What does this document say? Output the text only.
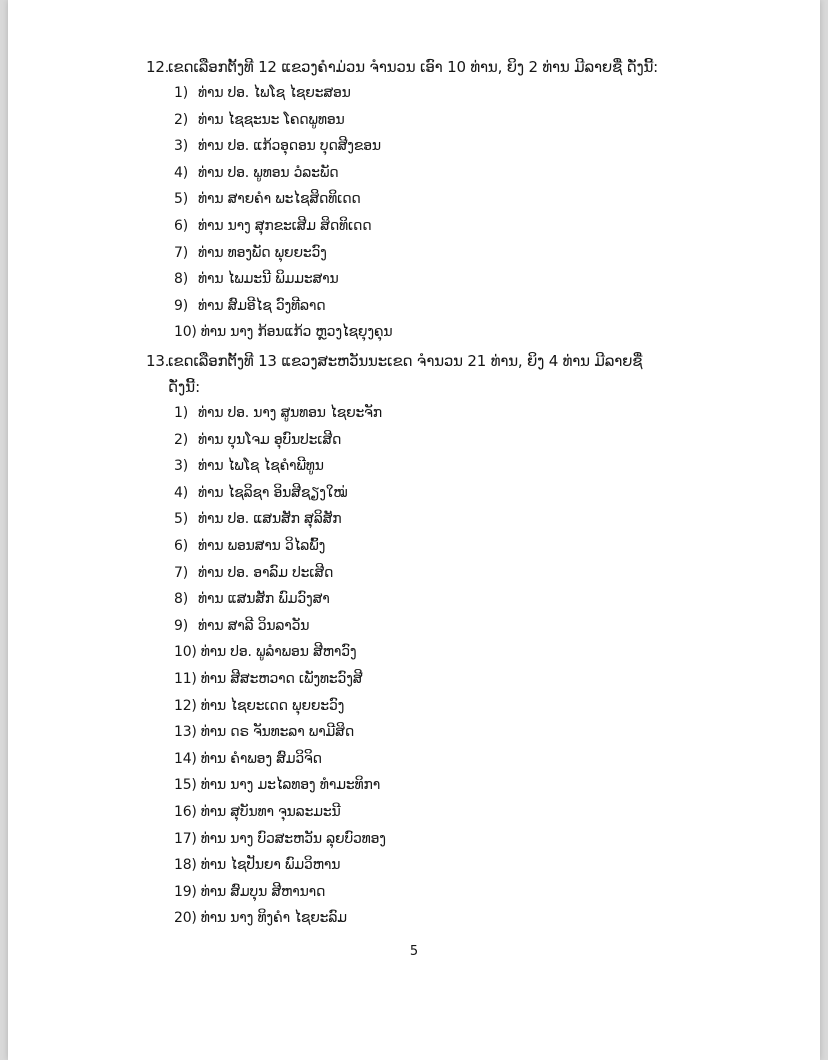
12.ເຂດເລືອກຕັ້ງທີ 12 ແຂວງຄຳມ່ວນ ຈຳນວນ ເອົາ 10 ທ່ານ, ຍິງ 2 ທ່ານ ມີລາຍຊື່ ດັ່ງນີ້:
1) ທ່ານ ປອ. ໄພໂຊ ໄຊຍະສອນ
2) ທ່ານ ໄຊຊະນະ ໂຄດພູທອນ
3) ທ່ານ ປອ. ແກ້ວອຸດອນ ບຸດສີງຂອນ
4) ທ່ານ ປອ. ພູທອນ ວໍລະພັດ
5) ທ່ານ ສາຍຄຳ ພະໄຊສິດທິເດດ
6) ທ່ານ ນາງ ສຸກຂະເສີມ ສິດທິເດດ
7) ທ່ານ ທອງພັດ ພຸຍຍະວົງ
8) ທ່ານ ໄພມະນີ ພິມມະສານ
9) ທ່ານ ສົມອີໄຊ ວົງທີລາດ
10) ທ່ານ ນາງ ກ້ອນແກ້ວ ຫຼວງໄຊຍຸງຄຸນ
13.ເຂດເລືອກຕັ້ງທີ 13 ແຂວງສະຫວັນນະເຂດ ຈຳນວນ 21 ທ່ານ, ຍິງ 4 ທ່ານ ມີລາຍຊື່
ດັ່ງນີ້:
1) ທ່ານ ປອ. ນາງ ສູນທອນ ໄຊຍະຈັກ
2) ທ່ານ ບຸນໂຈມ ອຸບົນປະເສີດ
3) ທ່ານ ໄພໂຊ ໄຊຄໍາພີທູນ
4) ທ່ານ ໄຊລິຊາ ອິນສີຊຽງໃໝ່
5) ທ່ານ ປອ. ແສນສັກ ສຸລິສັກ
6) ທ່ານ ພອນສານ ວິໄລພົ້ງ
7) ທ່ານ ປອ. ອາລົມ ປະເສີດ
8) ທ່ານ ແສນສັກ ພົມວົງສາ
9) ທ່ານ ສາລີ ວິນລາວັນ
10) ທ່ານ ປອ. ພູລໍາພອນ ສີຫາວົງ
11) ທ່ານ ສີສະຫວາດ ເພັງທະວົງສີ
12) ທ່ານ ໄຊຍະເດດ ພຸຍຍະວົງ
13) ທ່ານ ດຣ ຈັນທະລາ ພາມີສິດ
14) ທ່ານ ຄຳພອງ ສົມວິຈິດ
15) ທ່ານ ນາງ ມະໄລທອງ ທຳມະທິກາ
16) ທ່ານ ສຸບັນທາ ຈຸນລະມະນີ
17) ທ່ານ ນາງ ບົວສະຫວັນ ລຸຍບົວທອງ
18) ທ່ານ ໄຊປັນຍາ ພົມວິຫານ
19) ທ່ານ ສົມບຸນ ສີຫານາດ
20) ທ່ານ ນາງ ທິງຄຳ ໄຊຍະລົມ
5
